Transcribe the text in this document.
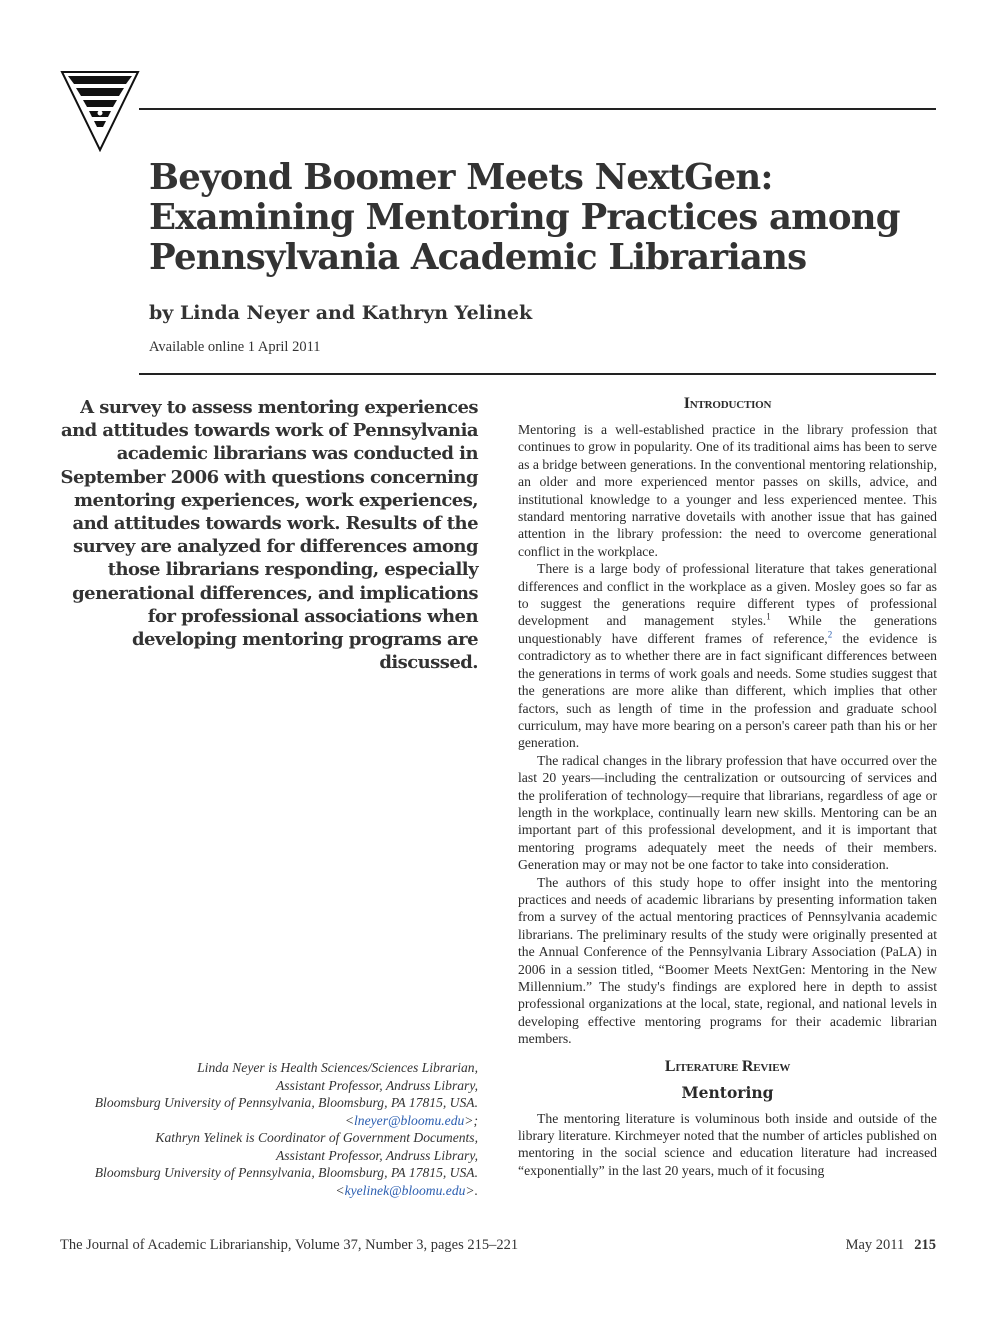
Beyond Boomer Meets NextGen: Examining Mentoring Practices among Pennsylvania Academic Librarians
by Linda Neyer and Kathryn Yelinek
Available online 1 April 2011

A survey to assess mentoring experiences and attitudes towards work of Pennsylvania academic librarians was conducted in September 2006 with questions concerning mentoring experiences, work experiences, and attitudes towards work. Results of the survey are analyzed for differences among those librarians responding, especially generational differences, and implications for professional associations when developing mentoring programs are discussed.

Linda Neyer is Health Sciences/Sciences Librarian,
Assistant Professor, Andruss Library,
Bloomsburg University of Pennsylvania, Bloomsburg, PA 17815, USA.
<lneyer@bloomu.edu>;
Kathryn Yelinek is Coordinator of Government Documents,
Assistant Professor, Andruss Library,
Bloomsburg University of Pennsylvania, Bloomsburg, PA 17815, USA.
<kyelinek@bloomu.edu>.
Introduction

Mentoring is a well-established practice in the library profession that continues to grow in popularity. One of its traditional aims has been to serve as a bridge between generations. In the conventional mentoring relationship, an older and more experienced mentor passes on skills, advice, and institutional knowledge to a younger and less experienced mentee. This standard mentoring narrative dovetails with another issue that has gained attention in the library profession: the need to overcome generational conflict in the workplace.

There is a large body of professional literature that takes generational differences and conflict in the workplace as a given. Mosley goes so far as to suggest the generations require different types of professional development and management styles.$^1$ While the generations unquestionably have different frames of reference,$^2$ the evidence is contradictory as to whether there are in fact significant differences between the generations in terms of work goals and needs. Some studies suggest that the generations are more alike than different, which implies that other factors, such as length of time in the profession and graduate school curriculum, may have more bearing on a person's career path than his or her generation.

The radical changes in the library profession that have occurred over the last 20 years—including the centralization or outsourcing of services and the proliferation of technology—require that librarians, regardless of age or length in the workplace, continually learn new skills. Mentoring can be an important part of this professional development, and it is important that mentoring programs adequately meet the needs of their members. Generation may or may not be one factor to take into consideration.

The authors of this study hope to offer insight into the mentoring practices and needs of academic librarians by presenting information taken from a survey of the actual mentoring practices of Pennsylvania academic librarians. The preliminary results of the study were originally presented at the Annual Conference of the Pennsylvania Library Association (PaLA) in 2006 in a session titled, “Boomer Meets NextGen: Mentoring in the New Millennium.” The study's findings are explored here in depth to assist professional organizations at the local, state, regional, and national levels in developing effective mentoring programs for their academic librarian members.

Literature Review
Mentoring

The mentoring literature is voluminous both inside and outside of the library literature. Kirchmeyer noted that the number of articles published on mentoring in the social science and education literature had increased “exponentially” in the last 20 years, much of it focusing

The Journal of Academic Librarianship, Volume 37, Number 3, pages 215–221	May 2011 215
